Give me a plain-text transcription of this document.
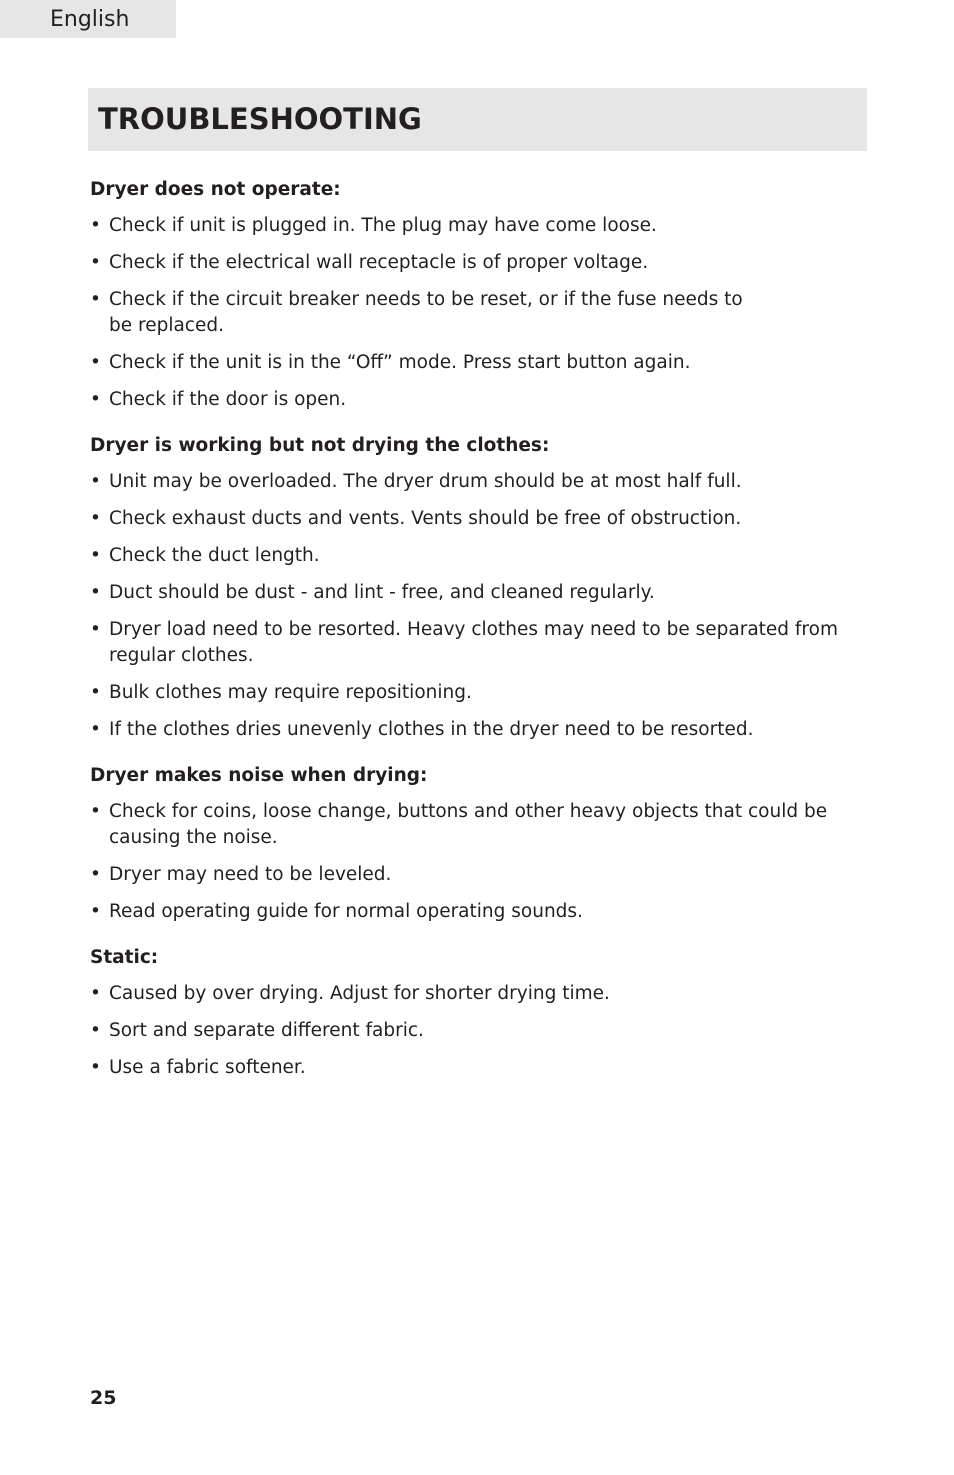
English
TROUBLESHOOTING
Dryer does not operate:
• Check if unit is plugged in. The plug may have come loose.
• Check if the electrical wall receptacle is of proper voltage.
• Check if the circuit breaker needs to be reset, or if the fuse needs to be replaced.
• Check if the unit is in the “Off” mode. Press start button again.
• Check if the door is open.
Dryer is working but not drying the clothes:
• Unit may be overloaded. The dryer drum should be at most half full.
• Check exhaust ducts and vents. Vents should be free of obstruction.
• Check the duct length.
• Duct should be dust - and lint - free, and cleaned regularly.
• Dryer load need to be resorted. Heavy clothes may need to be separated from regular clothes.
• Bulk clothes may require repositioning.
• If the clothes dries unevenly clothes in the dryer need to be resorted.
Dryer makes noise when drying:
• Check for coins, loose change, buttons and other heavy objects that could be causing the noise.
• Dryer may need to be leveled.
• Read operating guide for normal operating sounds.
Static:
• Caused by over drying. Adjust for shorter drying time.
• Sort and separate different fabric.
• Use a fabric softener.
25
